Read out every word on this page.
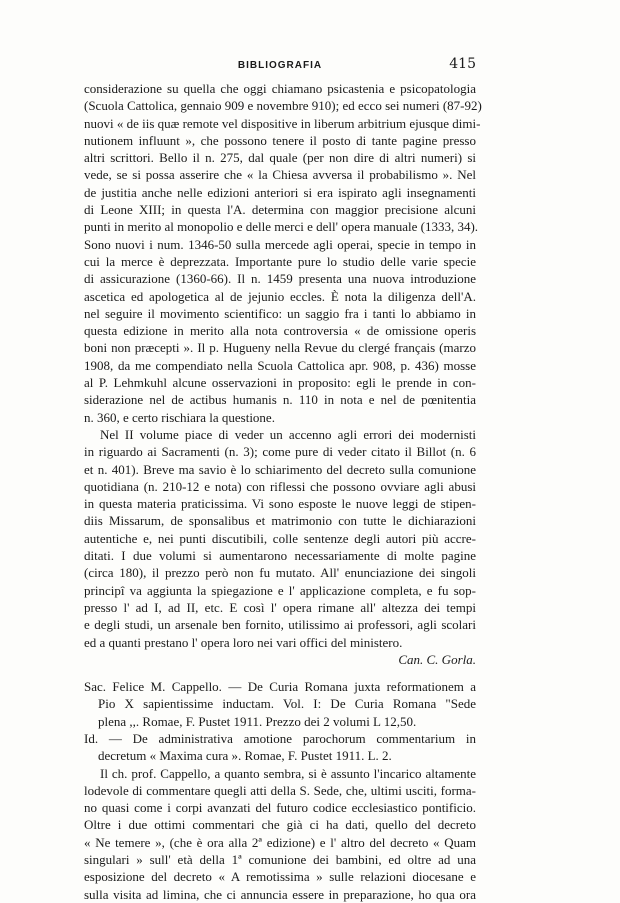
BIBLIOGRAFIA	415
considerazione su quella che oggi chiamano psicastenia e psicopatologia
(Scuola Cattolica, gennaio 909 e novembre 910); ed ecco sei numeri (87-92)
nuovi « de iis quæ remote vel dispositive in liberum arbitrium ejusque dimi-
nutionem influunt », che possono tenere il posto di tante pagine presso
altri scrittori. Bello il n. 275, dal quale (per non dire di altri numeri) si
vede, se si possa asserire che « la Chiesa avversa il probabilismo ». Nel
de justitia anche nelle edizioni anteriori si era ispirato agli insegnamenti
di Leone XIII; in questa l'A. determina con maggior precisione alcuni
punti in merito al monopolio e delle merci e dell' opera manuale (1333, 34).
Sono nuovi i num. 1346-50 sulla mercede agli operai, specie in tempo in
cui la merce è deprezzata. Importante pure lo studio delle varie specie
di assicurazione (1360-66). Il n. 1459 presenta una nuova introduzione
ascetica ed apologetica al de jejunio eccles. È nota la diligenza dell'A.
nel seguire il movimento scientifico: un saggio fra i tanti lo abbiamo in
questa edizione in merito alla nota controversia « de omissione operis
boni non præcepti ». Il p. Hugueny nella Revue du clergé français (marzo
1908, da me compendiato nella Scuola Cattolica apr. 908, p. 436) mosse
al P. Lehmkuhl alcune osservazioni in proposito: egli le prende in con-
siderazione nel de actibus humanis n. 110 in nota e nel de pœnitentia
n. 360, e certo rischiara la questione.
Nel II volume piace di veder un accenno agli errori dei modernisti
in riguardo ai Sacramenti (n. 3); come pure di veder citato il Billot (n. 6
et n. 401). Breve ma savio è lo schiarimento del decreto sulla comunione
quotidiana (n. 210-12 e nota) con riflessi che possono ovviare agli abusi
in questa materia praticissima. Vi sono esposte le nuove leggi de stipen-
diis Missarum, de sponsalibus et matrimonio con tutte le dichiarazioni
autentiche e, nei punti discutibili, colle sentenze degli autori più accre-
ditati. I due volumi si aumentarono necessariamente di molte pagine
(circa 180), il prezzo però non fu mutato. All' enunciazione dei singoli
principî va aggiunta la spiegazione e l' applicazione completa, e fu sop-
presso l' ad I, ad II, etc. E così l' opera rimane all' altezza dei tempi
e degli studi, un arsenale ben fornito, utilissimo ai professori, agli scolari
ed a quanti prestano l' opera loro nei vari offici del ministero.
Can. C. Gorla.
Sac. Felice M. Cappello. — De Curia Romana juxta reformationem a
Pio X sapientissime inductam. Vol. I: De Curia Romana "Sede
plena ,,. Romae, F. Pustet 1911. Prezzo dei 2 volumi L 12,50.
Id. — De administrativa amotione parochorum commentarium in
decretum « Maxima cura ». Romae, F. Pustet 1911. L. 2.
Il ch. prof. Cappello, a quanto sembra, si è assunto l'incarico altamente
lodevole di commentare quegli atti della S. Sede, che, ultimi usciti, forma-
no quasi come i corpi avanzati del futuro codice ecclesiastico pontificio.
Oltre i due ottimi commentari che già ci ha dati, quello del decreto
« Ne temere », (che è ora alla 2ª edizione) e l' altro del decreto « Quam
singulari » sull' età della 1ª comunione dei bambini, ed oltre ad una
esposizione del decreto « A remotissima » sulle relazioni diocesane e
sulla visita ad limina, che ci annuncia essere in preparazione, ho qua ora
